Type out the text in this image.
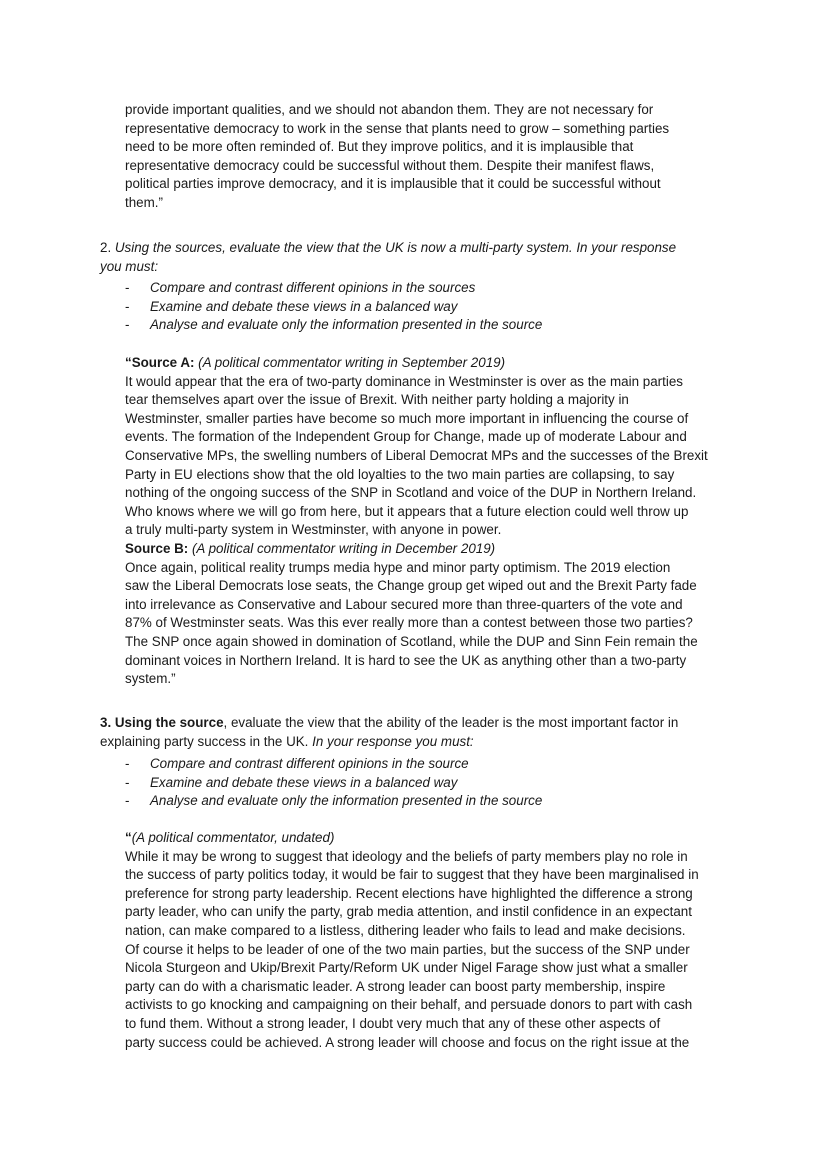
provide important qualities, and we should not abandon them. They are not necessary for
representative democracy to work in the sense that plants need to grow – something parties
need to be more often reminded of. But they improve politics, and it is implausible that
representative democracy could be successful without them. Despite their manifest flaws,
political parties improve democracy, and it is implausible that it could be successful without
them.”
2. Using the sources, evaluate the view that the UK is now a multi-party system. In your response
you must:
- Compare and contrast different opinions in the sources
- Examine and debate these views in a balanced way
- Analyse and evaluate only the information presented in the source
“Source A: (A political commentator writing in September 2019)
It would appear that the era of two-party dominance in Westminster is over as the main parties
tear themselves apart over the issue of Brexit. With neither party holding a majority in
Westminster, smaller parties have become so much more important in influencing the course of
events. The formation of the Independent Group for Change, made up of moderate Labour and
Conservative MPs, the swelling numbers of Liberal Democrat MPs and the successes of the Brexit
Party in EU elections show that the old loyalties to the two main parties are collapsing, to say
nothing of the ongoing success of the SNP in Scotland and voice of the DUP in Northern Ireland.
Who knows where we will go from here, but it appears that a future election could well throw up
a truly multi-party system in Westminster, with anyone in power.
Source B: (A political commentator writing in December 2019)
Once again, political reality trumps media hype and minor party optimism. The 2019 election
saw the Liberal Democrats lose seats, the Change group get wiped out and the Brexit Party fade
into irrelevance as Conservative and Labour secured more than three-quarters of the vote and
87% of Westminster seats. Was this ever really more than a contest between those two parties?
The SNP once again showed in domination of Scotland, while the DUP and Sinn Fein remain the
dominant voices in Northern Ireland. It is hard to see the UK as anything other than a two-party
system.”
3. Using the source, evaluate the view that the ability of the leader is the most important factor in
explaining party success in the UK. In your response you must:
- Compare and contrast different opinions in the source
- Examine and debate these views in a balanced way
- Analyse and evaluate only the information presented in the source
“(A political commentator, undated)
While it may be wrong to suggest that ideology and the beliefs of party members play no role in
the success of party politics today, it would be fair to suggest that they have been marginalised in
preference for strong party leadership. Recent elections have highlighted the difference a strong
party leader, who can unify the party, grab media attention, and instil confidence in an expectant
nation, can make compared to a listless, dithering leader who fails to lead and make decisions.
Of course it helps to be leader of one of the two main parties, but the success of the SNP under
Nicola Sturgeon and Ukip/Brexit Party/Reform UK under Nigel Farage show just what a smaller
party can do with a charismatic leader. A strong leader can boost party membership, inspire
activists to go knocking and campaigning on their behalf, and persuade donors to part with cash
to fund them. Without a strong leader, I doubt very much that any of these other aspects of
party success could be achieved. A strong leader will choose and focus on the right issue at the
